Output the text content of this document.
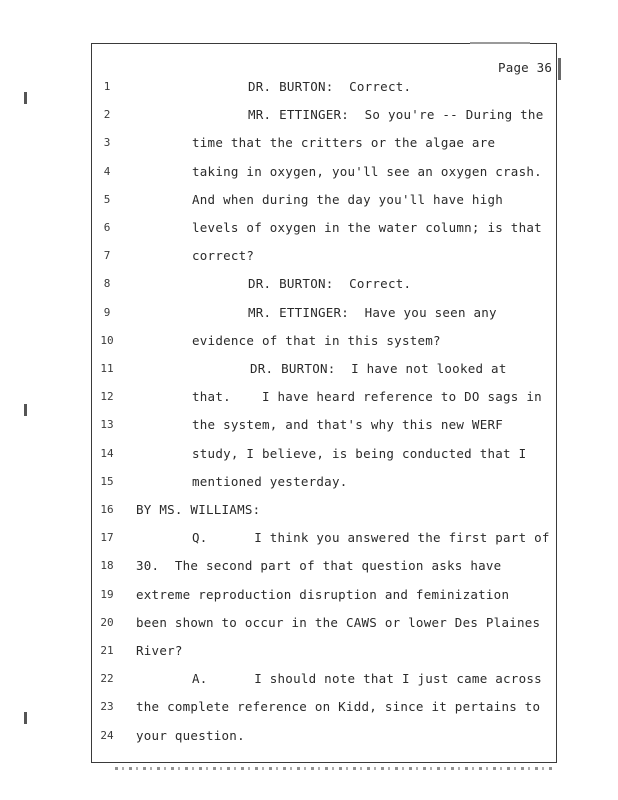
Page 36
1	DR. BURTON:  Correct.
2	MR. ETTINGER:  So you're -- During the
3	time that the critters or the algae are
4	taking in oxygen, you'll see an oxygen crash.
5	And when during the day you'll have high
6	levels of oxygen in the water column; is that
7	correct?
8	DR. BURTON:  Correct.
9	MR. ETTINGER:  Have you seen any
10	evidence of that in this system?
11	DR. BURTON:  I have not looked at
12	that.    I have heard reference to DO sags in
13	the system, and that's why this new WERF
14	study, I believe, is being conducted that I
15	mentioned yesterday.
16	BY MS. WILLIAMS:
17	Q.      I think you answered the first part of
18	30.  The second part of that question asks have
19	extreme reproduction disruption and feminization
20	been shown to occur in the CAWS or lower Des Plaines
21	River?
22	A.      I should note that I just came across
23	the complete reference on Kidd, since it pertains to
24	your question.
